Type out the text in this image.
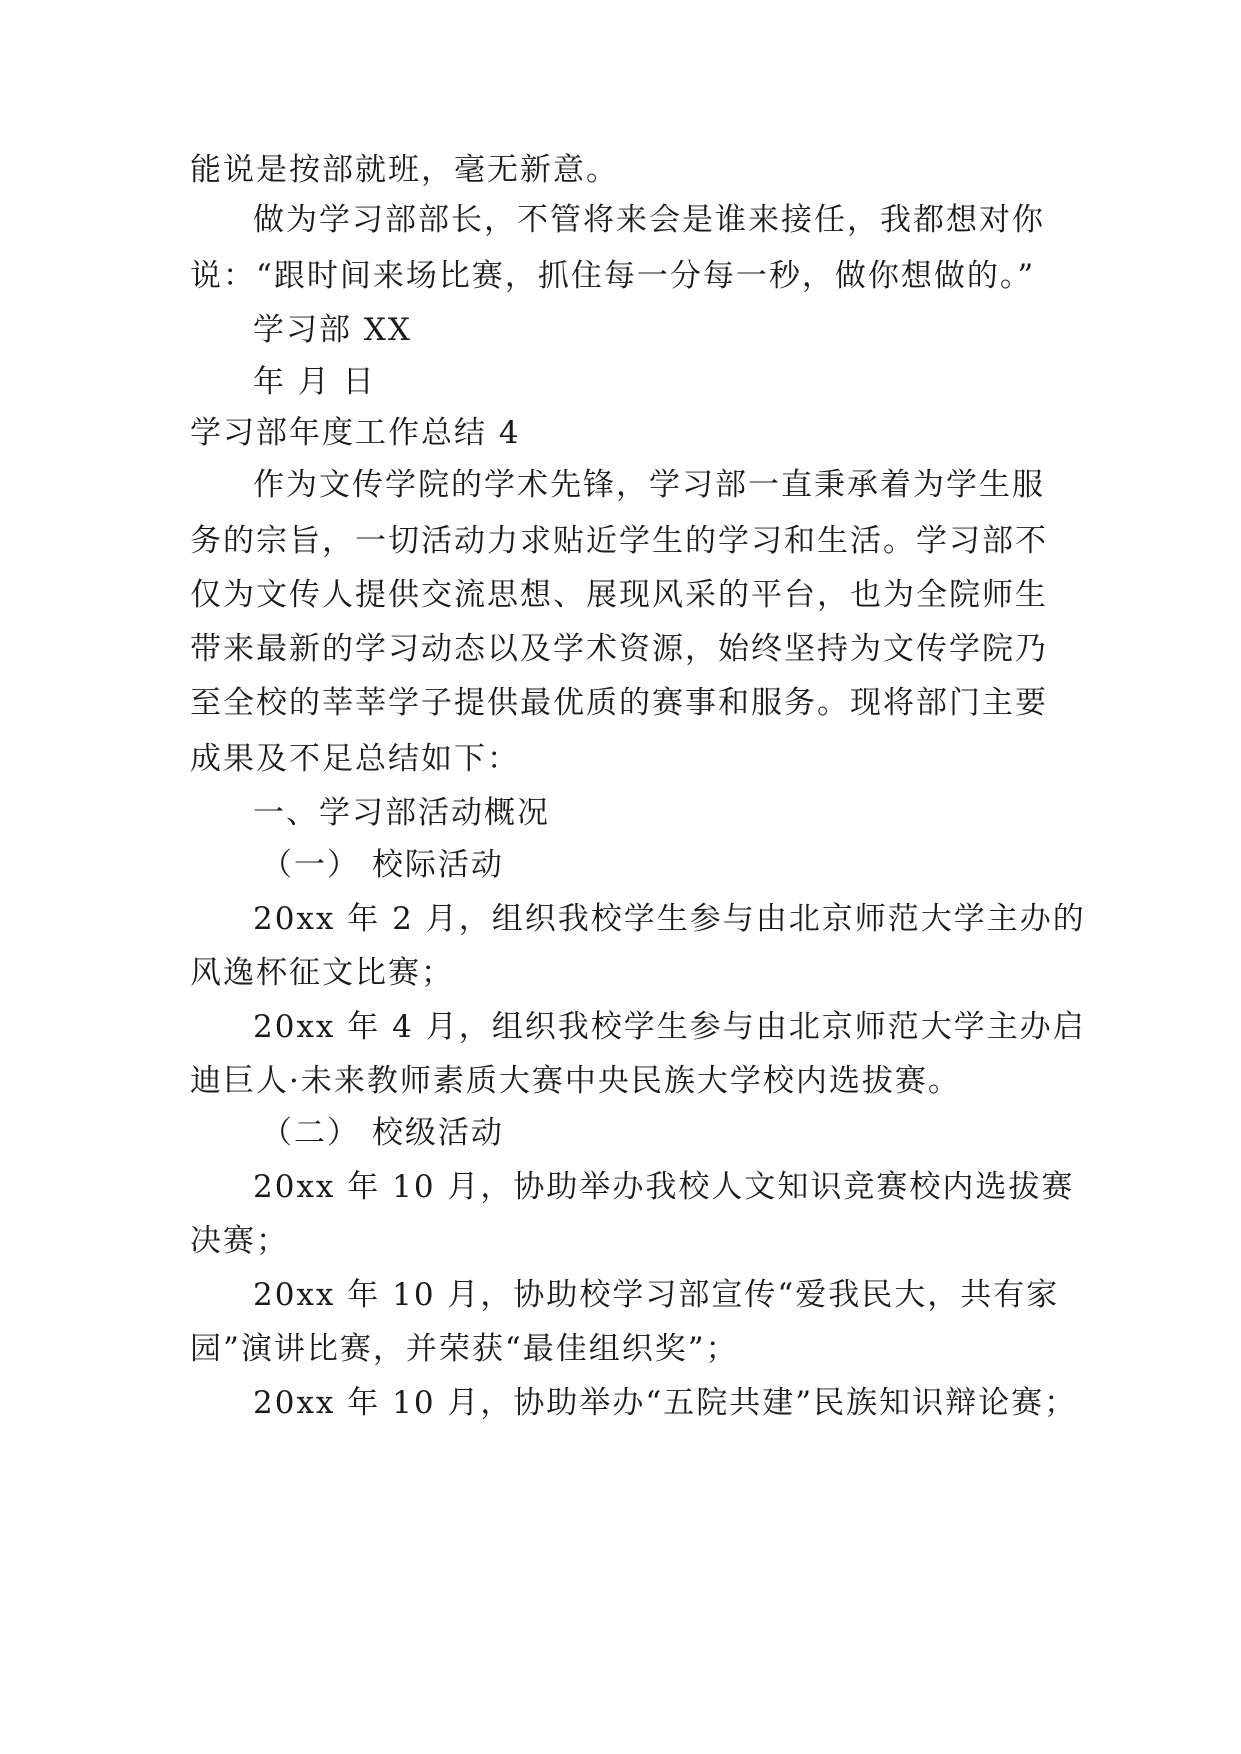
能说是按部就班，毫无新意。
做为学习部部长，不管将来会是谁来接任，我都想对你
说：“跟时间来场比赛，抓住每一分每一秒，做你想做的。”
学习部 XX
年 月 日
学习部年度工作总结 4
作为文传学院的学术先锋，学习部一直秉承着为学生服
务的宗旨，一切活动力求贴近学生的学习和生活。学习部不
仅为文传人提供交流思想、展现风采的平台，也为全院师生
带来最新的学习动态以及学术资源，始终坚持为文传学院乃
至全校的莘莘学子提供最优质的赛事和服务。现将部门主要
成果及不足总结如下：
一、学习部活动概况
（一） 校际活动
20xx 年 2 月，组织我校学生参与由北京师范大学主办的
风逸杯征文比赛；
20xx 年 4 月，组织我校学生参与由北京师范大学主办启
迪巨人·未来教师素质大赛中央民族大学校内选拔赛。
（二） 校级活动
20xx 年 10 月，协助举办我校人文知识竞赛校内选拔赛
决赛；
20xx 年 10 月，协助校学习部宣传“爱我民大，共有家
园”演讲比赛，并荣获“最佳组织奖”；
20xx 年 10 月，协助举办“五院共建”民族知识辩论赛；
